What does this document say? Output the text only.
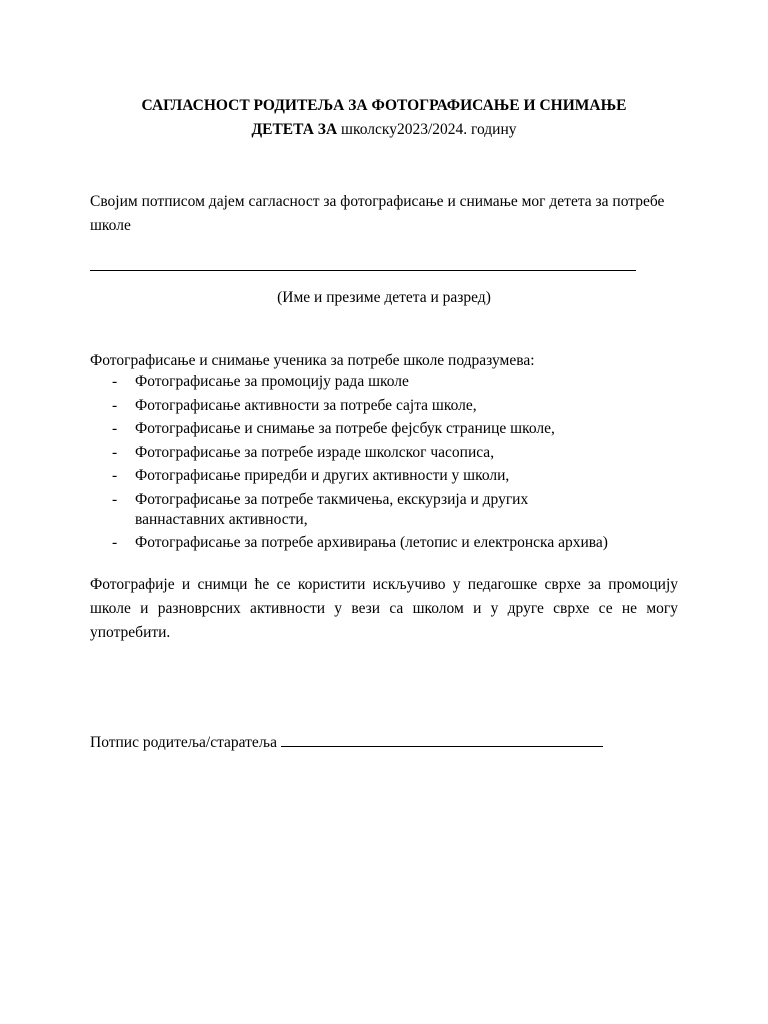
САГЛАСНОСТ РОДИТЕЉА ЗА ФОТОГРАФИСАЊЕ И СНИМАЊЕ
ДЕТЕТА ЗА школску2023/2024. годину
Својим потписом дајем сагласност за фотографисање и снимање мог детета за потребе школе
(Име и презиме детета и разред)
Фотографисање и снимање ученика за потребе школе подразумева:
- Фотографисање за промоцију рада школе
- Фотографисање активности за потребе сајта школе,
- Фотографисање и снимање за потребе фејсбук странице школе,
- Фотографисање за потребе израде школског часописа,
- Фотографисање приредби и других активности у школи,
- Фотографисање за потребе такмичења, екскурзија и других ваннаставних активности,
- Фотографисање за потребе архивирања (летопис и електронска архива)
Фотографије и снимци ће се користити искључиво у педагошке сврхе за промоцију школе и разноврсних активности у вези са школом и у друге сврхе се не могу употребити.
Потпис родитеља/старатеља
